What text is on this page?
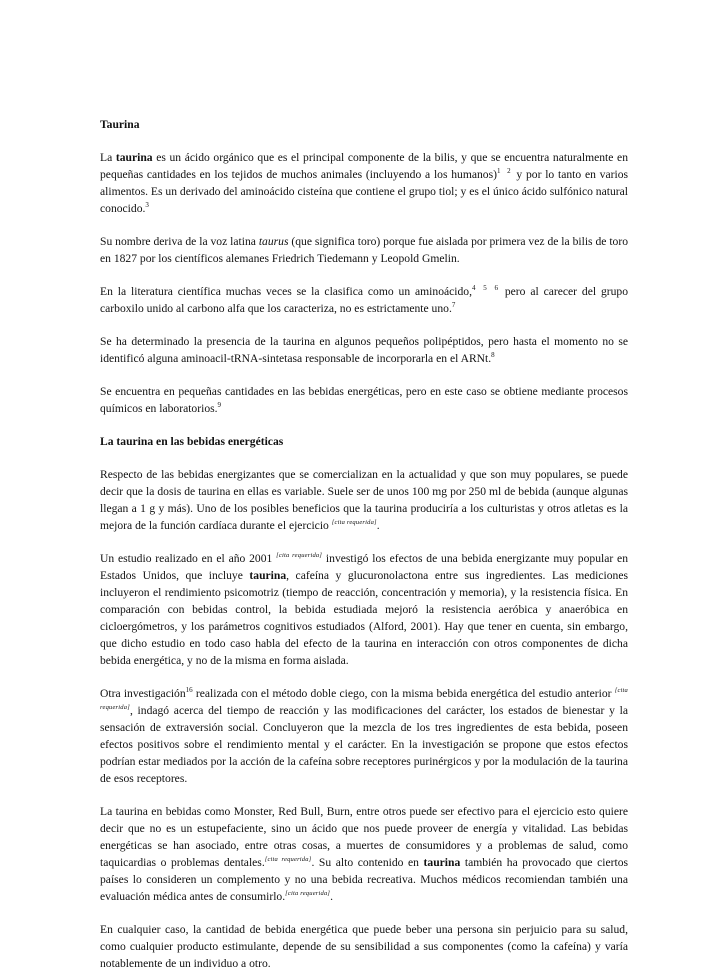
Taurina

La taurina es un ácido orgánico que es el principal componente de la bilis, y que se encuentra naturalmente en pequeñas cantidades en los tejidos de muchos animales (incluyendo a los humanos)$^{1 2}$ y por lo tanto en varios alimentos. Es un derivado del aminoácido cisteína que contiene el grupo tiol; y es el único ácido sulfónico natural conocido.$^3$

Su nombre deriva de la voz latina taurus (que significa toro) porque fue aislada por primera vez de la bilis de toro en 1827 por los científicos alemanes Friedrich Tiedemann y Leopold Gmelin.

En la literatura científica muchas veces se la clasifica como un aminoácido,$^{4 5 6}$ pero al carecer del grupo carboxilo unido al carbono alfa que los caracteriza, no es estrictamente uno.$^7$

Se ha determinado la presencia de la taurina en algunos pequeños polipéptidos, pero hasta el momento no se identificó alguna aminoacil-tRNA-sintetasa responsable de incorporarla en el ARNt.$^8$

Se encuentra en pequeñas cantidades en las bebidas energéticas, pero en este caso se obtiene mediante procesos químicos en laboratorios.$^9$

La taurina en las bebidas energéticas

Respecto de las bebidas energizantes que se comercializan en la actualidad y que son muy populares, se puede decir que la dosis de taurina en ellas es variable. Suele ser de unos 100 mg por 250 ml de bebida (aunque algunas llegan a 1 g y más). Uno de los posibles beneficios que la taurina produciría a los culturistas y otros atletas es la mejora de la función cardíaca durante el ejercicio [cita requerida].

Un estudio realizado en el año 2001 [cita requerida] investigó los efectos de una bebida energizante muy popular en Estados Unidos, que incluye taurina, cafeína y glucuronolactona entre sus ingredientes. Las mediciones incluyeron el rendimiento psicomotriz (tiempo de reacción, concentración y memoria), y la resistencia física. En comparación con bebidas control, la bebida estudiada mejoró la resistencia aeróbica y anaeróbica en cicloergómetros, y los parámetros cognitivos estudiados (Alford, 2001). Hay que tener en cuenta, sin embargo, que dicho estudio en todo caso habla del efecto de la taurina en interacción con otros componentes de dicha bebida energética, y no de la misma en forma aislada.

Otra investigación$^{16}$ realizada con el método doble ciego, con la misma bebida energética del estudio anterior [cita requerida], indagó acerca del tiempo de reacción y las modificaciones del carácter, los estados de bienestar y la sensación de extraversión social. Concluyeron que la mezcla de los tres ingredientes de esta bebida, poseen efectos positivos sobre el rendimiento mental y el carácter. En la investigación se propone que estos efectos podrían estar mediados por la acción de la cafeína sobre receptores purinérgicos y por la modulación de la taurina de esos receptores.

La taurina en bebidas como Monster, Red Bull, Burn, entre otros puede ser efectivo para el ejercicio esto quiere decir que no es un estupefaciente, sino un ácido que nos puede proveer de energía y vitalidad. Las bebidas energéticas se han asociado, entre otras cosas, a muertes de consumidores y a problemas de salud, como taquicardias o problemas dentales.[cita requerida]. Su alto contenido en taurina también ha provocado que ciertos países lo consideren un complemento y no una bebida recreativa. Muchos médicos recomiendan también una evaluación médica antes de consumirlo.[cita requerida].

En cualquier caso, la cantidad de bebida energética que puede beber una persona sin perjuicio para su salud, como cualquier producto estimulante, depende de su sensibilidad a sus componentes (como la cafeína) y varía notablemente de un individuo a otro.
